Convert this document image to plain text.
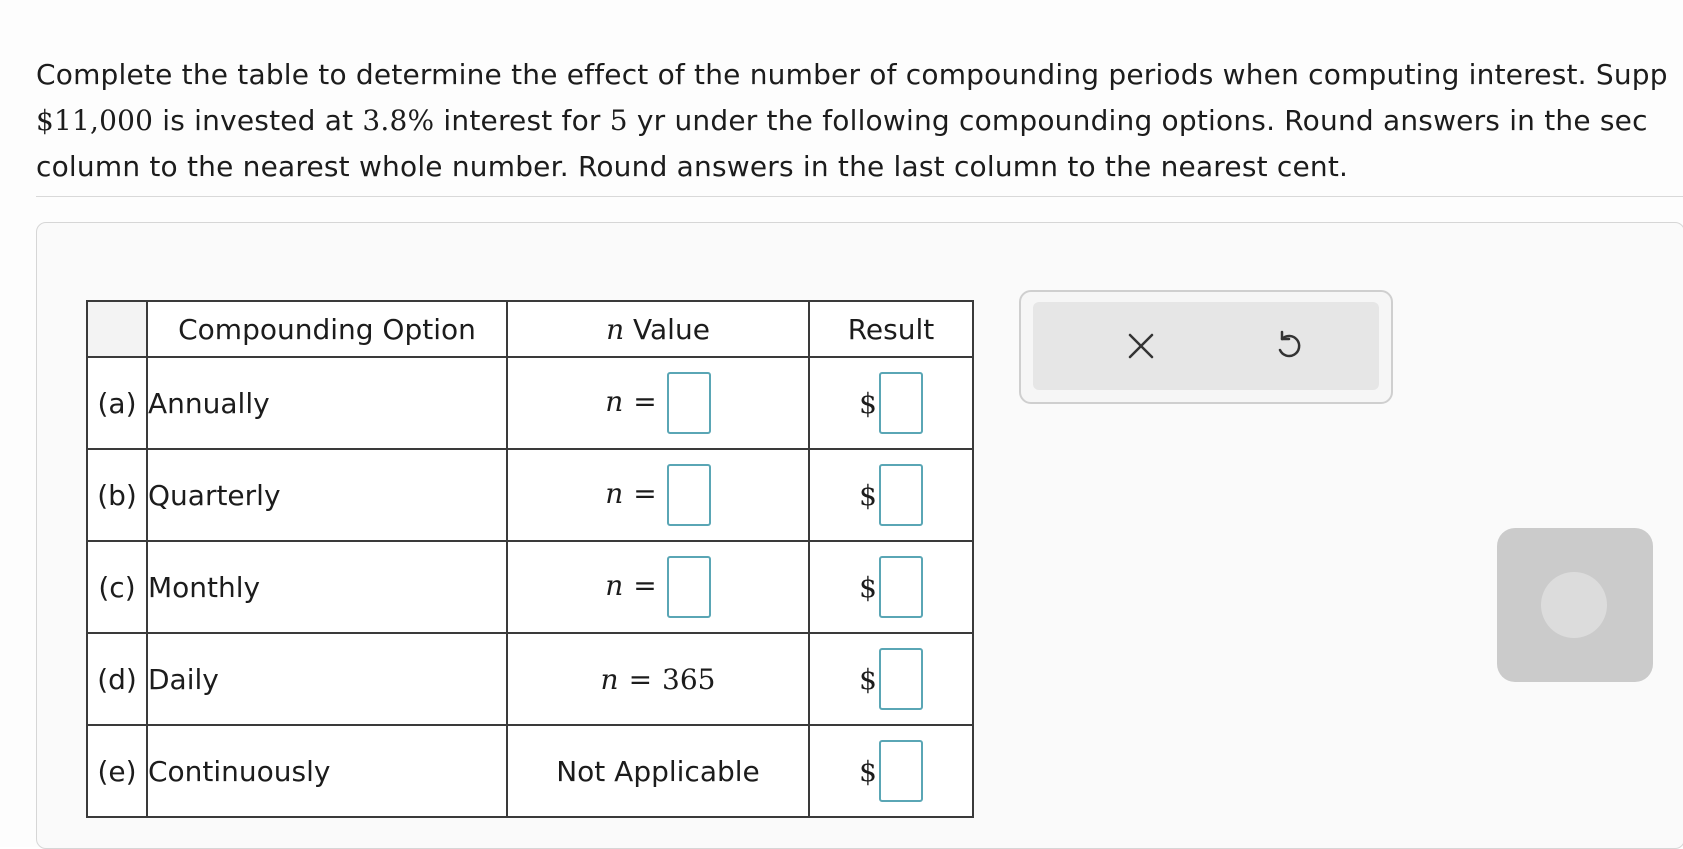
Complete the table to determine the effect of the number of compounding periods when computing interest. Supp
$11,000 is invested at 3.8% interest for 5 yr under the following compounding options. Round answers in the sec
column to the nearest whole number. Round answers in the last column to the nearest cent.
	Compounding Option	n Value	Result
(a)	Annually	n =	$
(b)	Quarterly	n =	$
(c)	Monthly	n =	$
(d)	Daily	n = 365	$
(e)	Continuously	Not Applicable	$
